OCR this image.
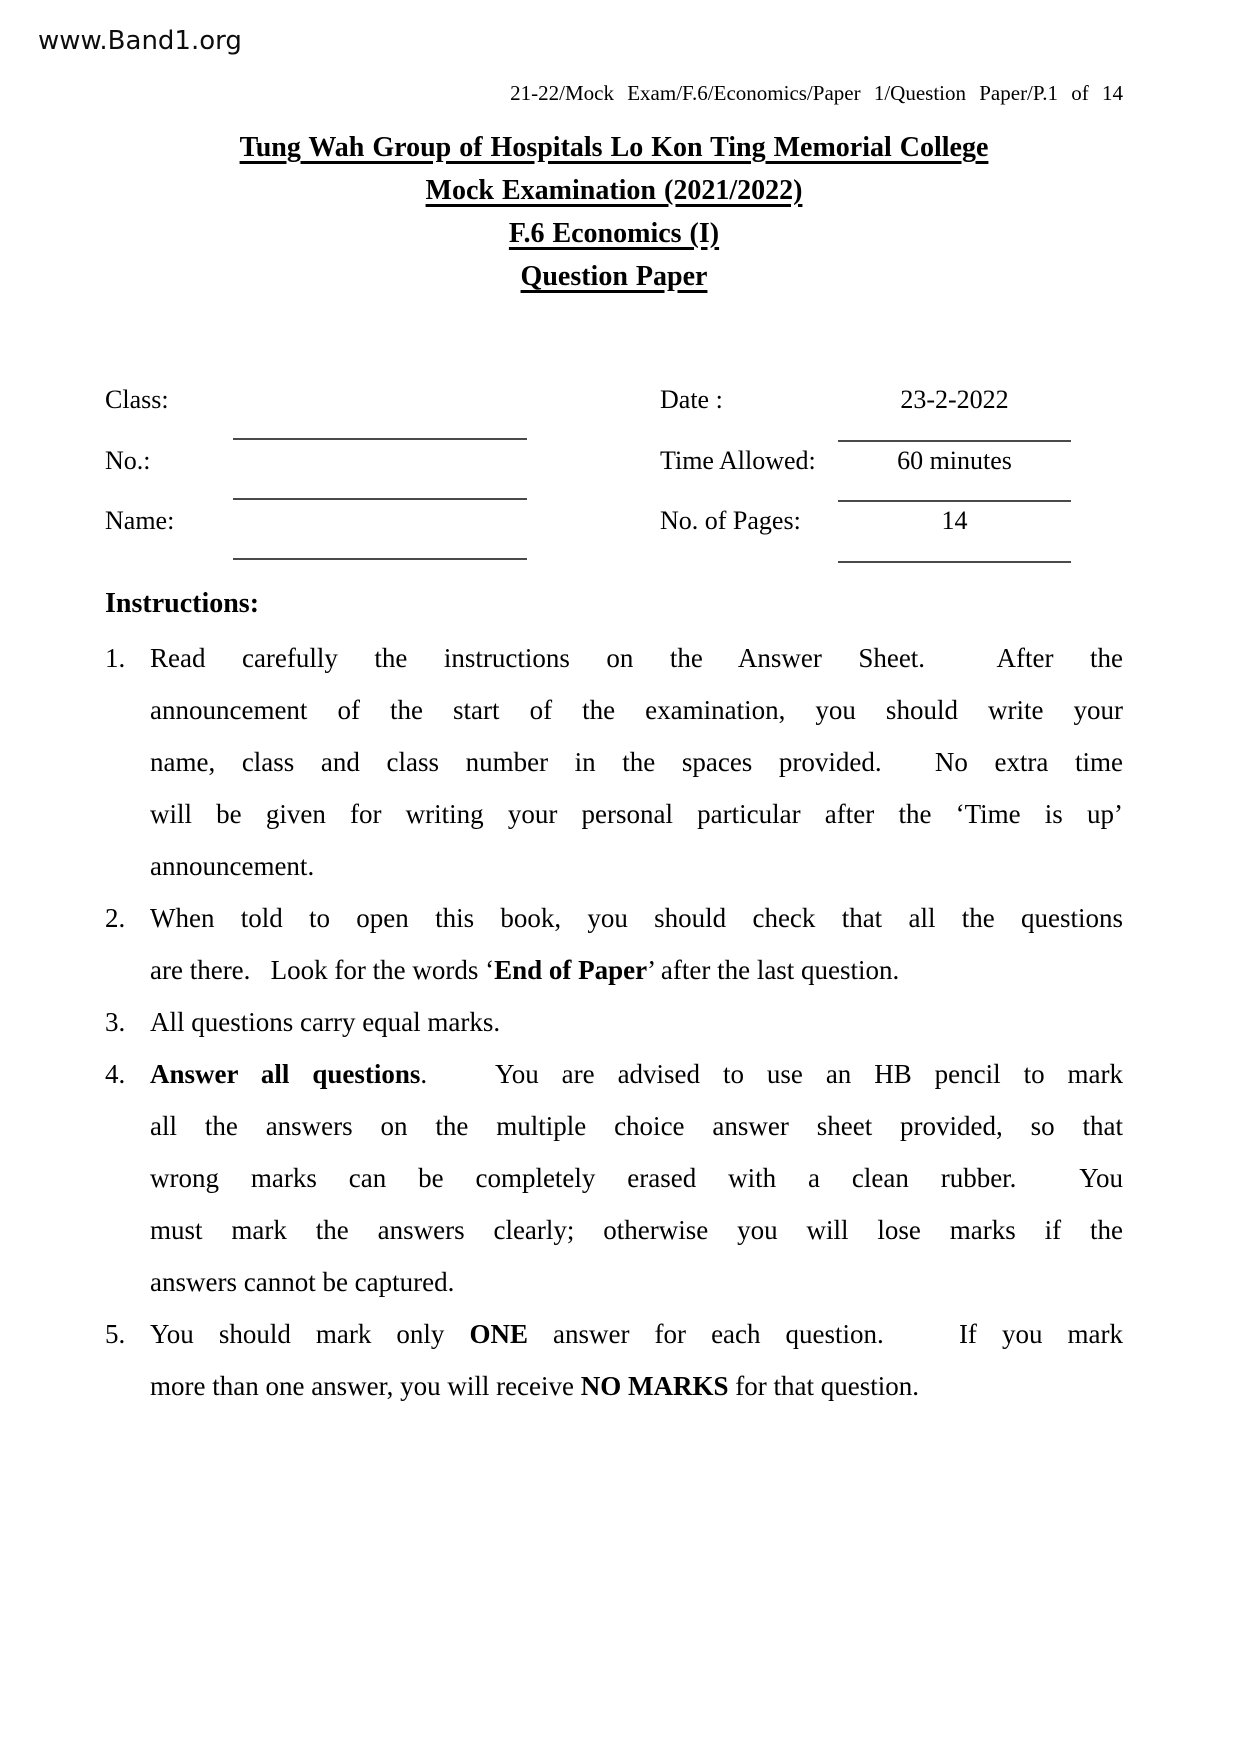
www.Band1.org
21-22/Mock Exam/F.6/Economics/Paper 1/Question Paper/P.1 of 14
Tung Wah Group of Hospitals Lo Kon Ting Memorial College
Mock Examination (2021/2022)
F.6 Economics (I)
Question Paper
Class:
No.:
Name:
Date :
Time Allowed:
No. of Pages:
23-2-2022
60 minutes
14
Instructions:
1. Read carefully the instructions on the Answer Sheet.  After the
announcement of the start of the examination, you should write your
name, class and class number in the spaces provided.  No extra time
will be given for writing your personal particular after the ‘Time is up’
announcement.
2. When told to open this book, you should check that all the questions
are there.   Look for the words ‘End of Paper’ after the last question.
3. All questions carry equal marks.
4. Answer all questions.   You are advised to use an HB pencil to mark
all the answers on the multiple choice answer sheet provided, so that
wrong marks can be completely erased with a clean rubber.  You
must mark the answers clearly; otherwise you will lose marks if the
answers cannot be captured.
5. You should mark only ONE answer for each question.   If you mark
more than one answer, you will receive NO MARKS for that question.
